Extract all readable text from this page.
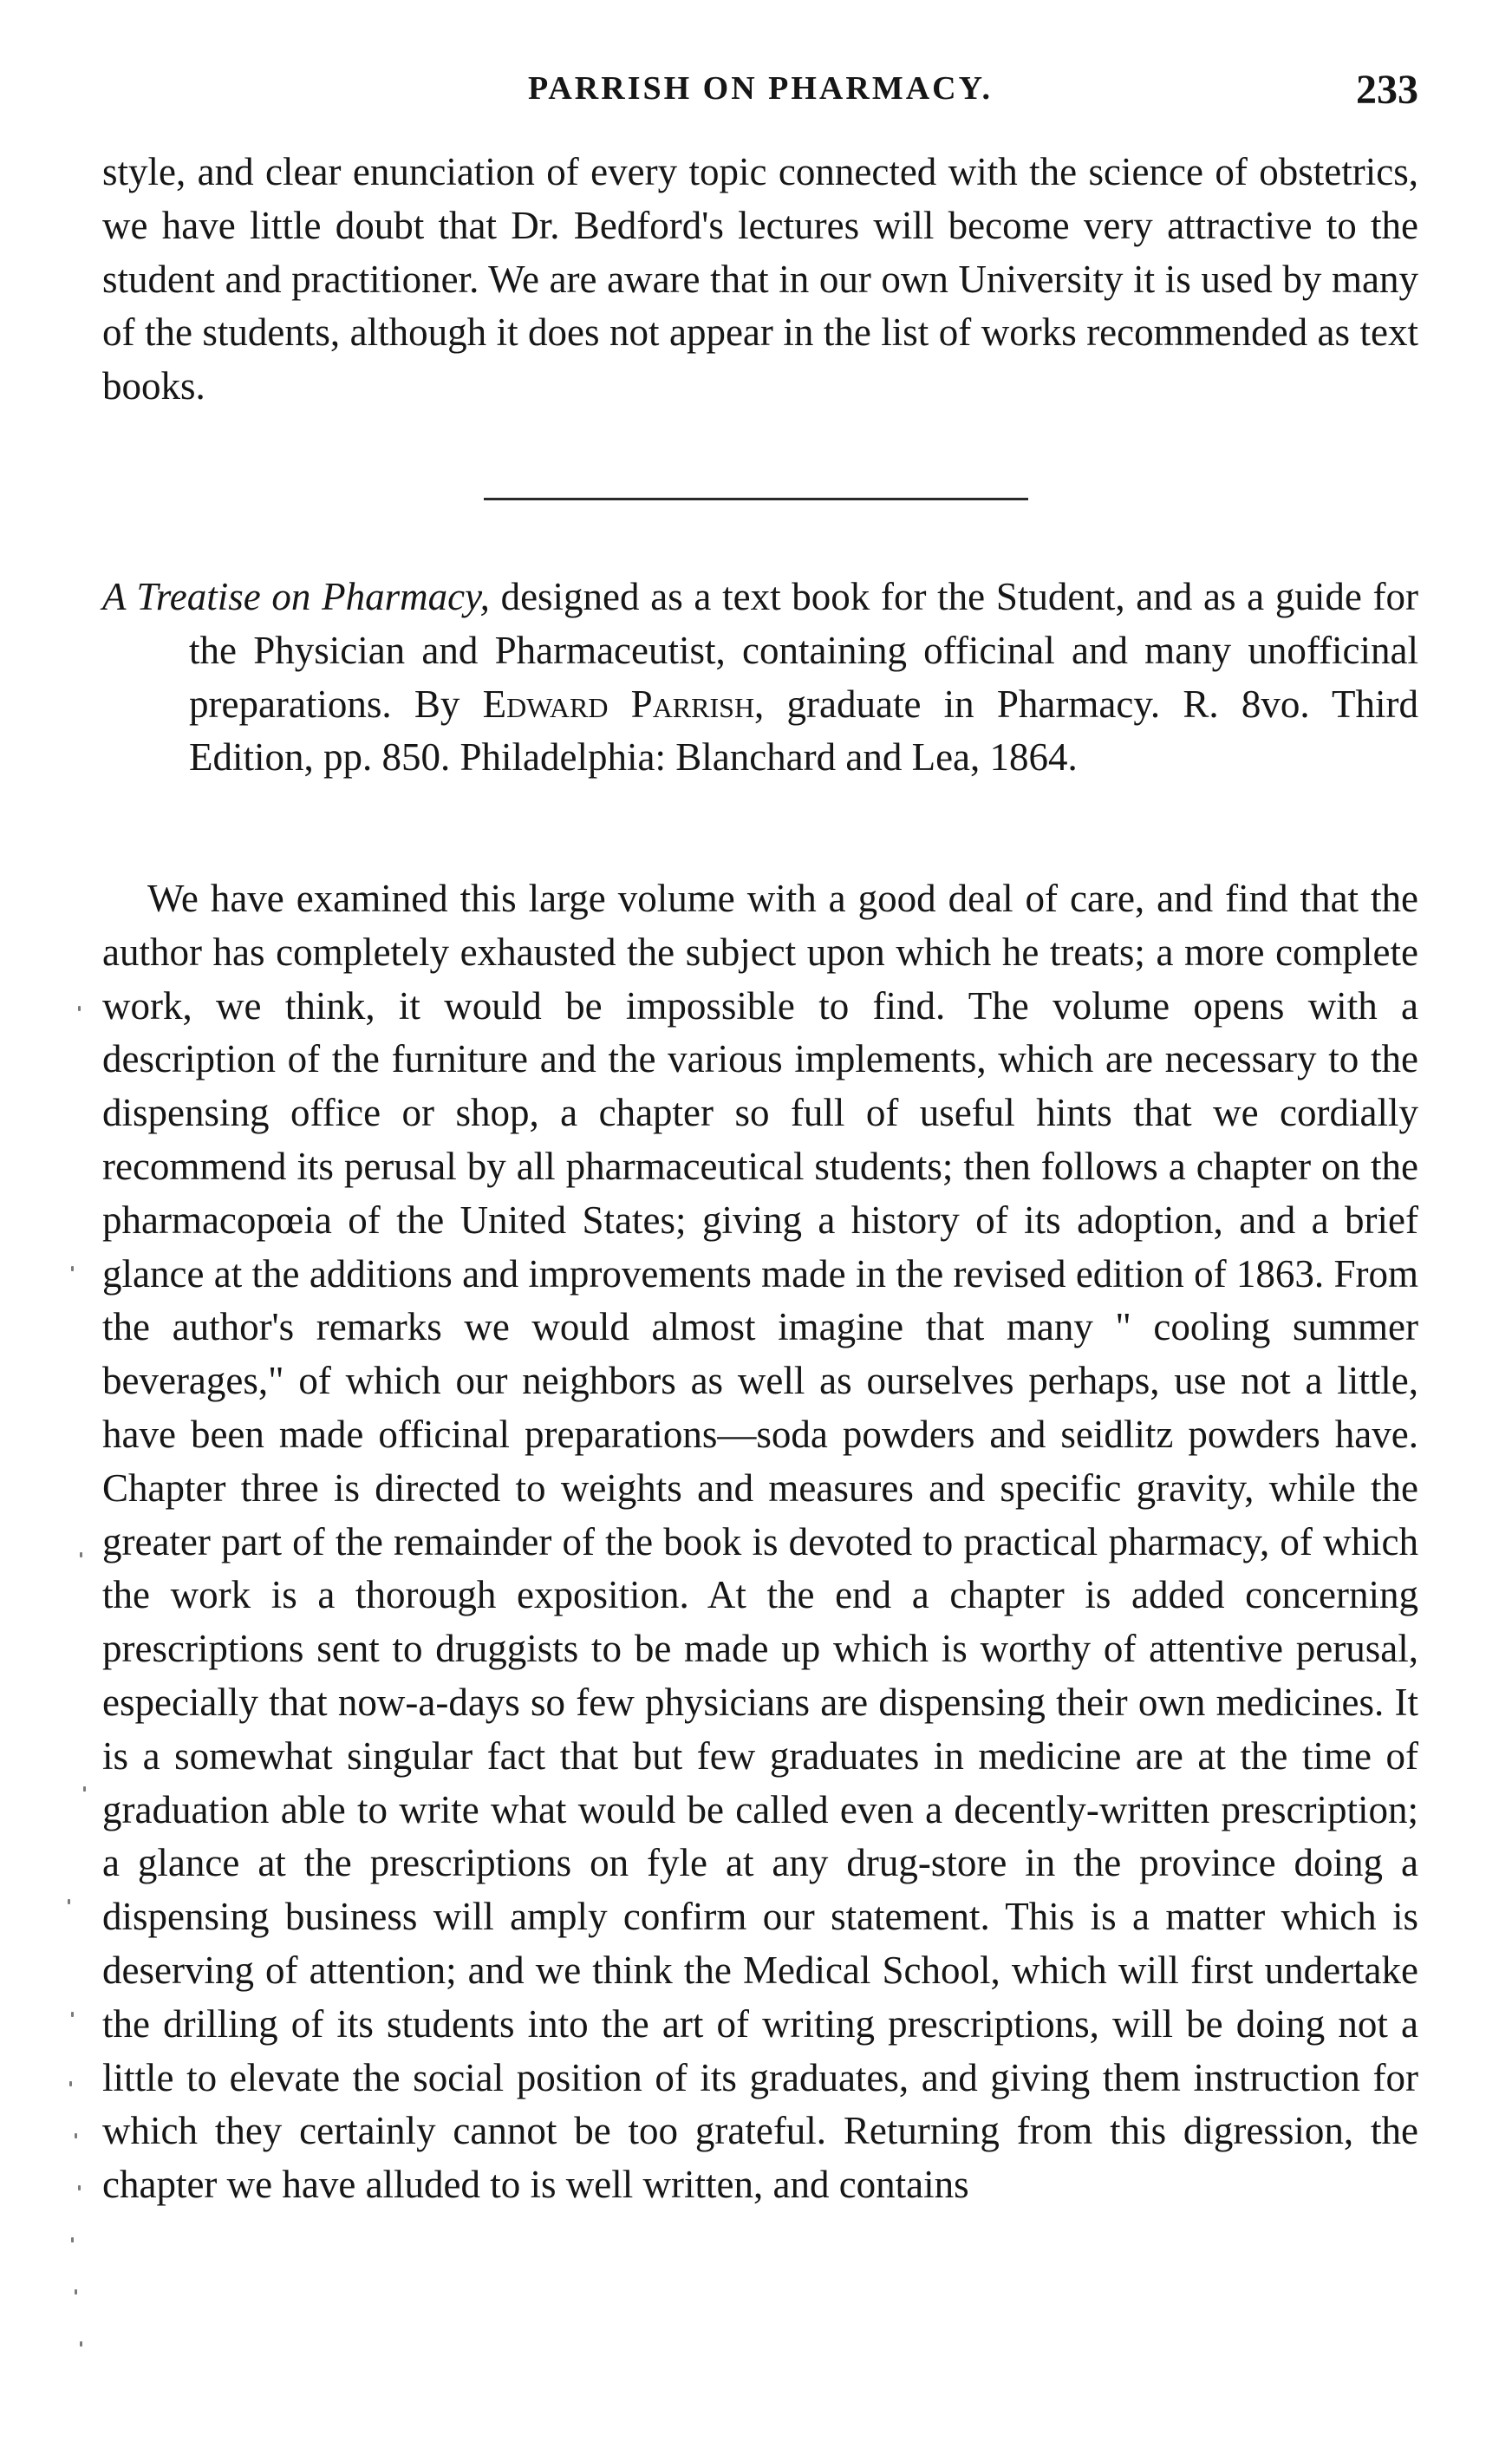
PARRISH ON PHARMACY.	233

style, and clear enunciation of every topic connected with the science of obstetrics, we have little doubt that Dr. Bedford's lectures will become very attractive to the student and practitioner. We are aware that in our own University it is used by many of the students, although it does not appear in the list of works recommended as text books.

A Treatise on Pharmacy, designed as a text book for the Student, and as a guide for the Physician and Pharmaceutist, containing officinal and many unofficinal preparations. By Edward Parrish, graduate in Pharmacy. R. 8vo. Third Edition, pp. 850. Philadelphia: Blanchard and Lea, 1864.

We have examined this large volume with a good deal of care, and find that the author has completely exhausted the subject upon which he treats; a more complete work, we think, it would be impossible to find. The volume opens with a description of the furniture and the various implements, which are necessary to the dispensing office or shop, a chapter so full of useful hints that we cordially recommend its perusal by all pharmaceutical students; then follows a chapter on the pharmacopœia of the United States; giving a history of its adoption, and a brief glance at the additions and improvements made in the revised edition of 1863. From the author's remarks we would almost imagine that many " cooling summer beverages," of which our neighbors as well as ourselves perhaps, use not a little, have been made officinal preparations—soda powders and seidlitz powders have. Chapter three is directed to weights and measures and specific gravity, while the greater part of the remainder of the book is devoted to practical pharmacy, of which the work is a thorough exposition. At the end a chapter is added concerning prescriptions sent to druggists to be made up which is worthy of attentive perusal, especially that now-a-days so few physicians are dispensing their own medicines. It is a somewhat singular fact that but few graduates in medicine are at the time of graduation able to write what would be called even a decently-written prescription; a glance at the prescriptions on fyle at any drug-store in the province doing a dispensing business will amply confirm our statement. This is a matter which is deserving of attention; and we think the Medical School, which will first undertake the drilling of its students into the art of writing prescriptions, will be doing not a little to elevate the social position of its graduates, and giving them instruction for which they certainly cannot be too grateful. Returning from this digression, the chapter we have alluded to is well written, and contains
